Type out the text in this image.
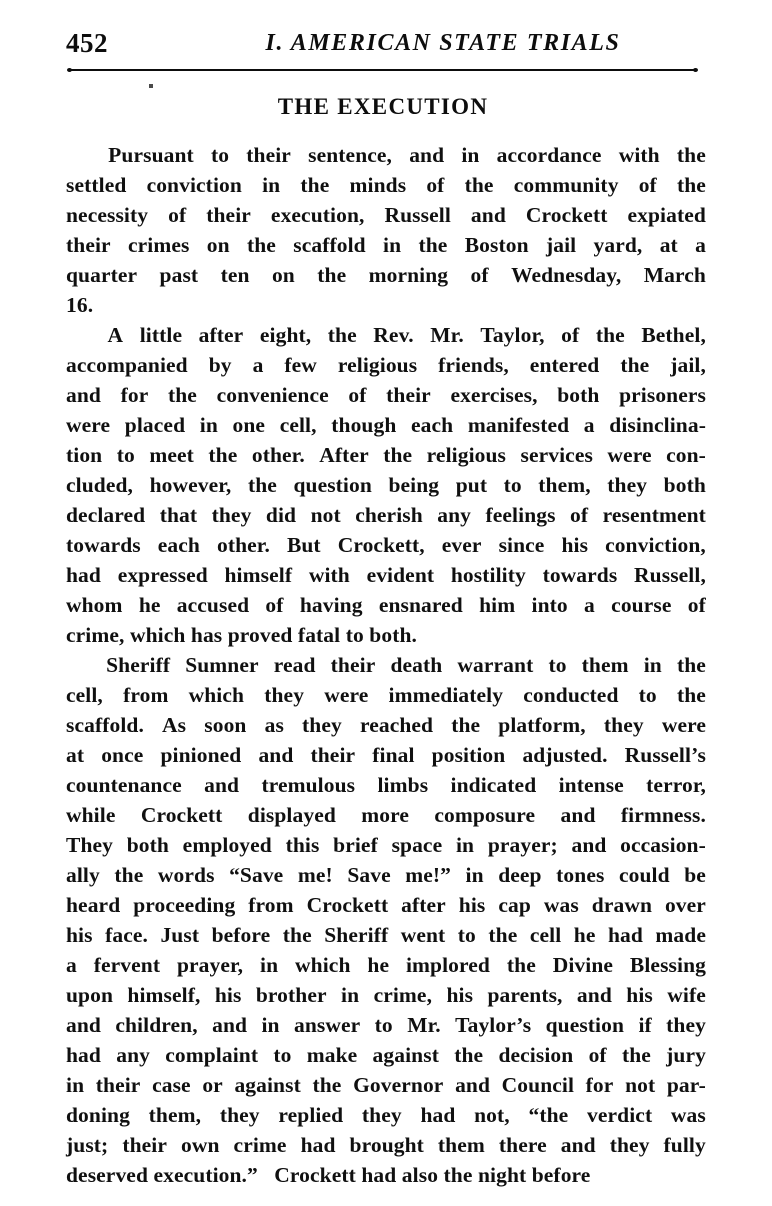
452	I. AMERICAN STATE TRIALS
THE EXECUTION

Pursuant to their sentence, and in accordance with the
settled conviction in the minds of the community of the
necessity of their execution, Russell and Crockett expiated
their crimes on the scaffold in the Boston jail yard, at a
quarter past ten on the morning of Wednesday, March
16.

A little after eight, the Rev. Mr. Taylor, of the Bethel,
accompanied by a few religious friends, entered the jail,
and for the convenience of their exercises, both prisoners
were placed in one cell, though each manifested a disinclina-
tion to meet the other. After the religious services were con-
cluded, however, the question being put to them, they both
declared that they did not cherish any feelings of resentment
towards each other. But Crockett, ever since his conviction,
had expressed himself with evident hostility towards Russell,
whom he accused of having ensnared him into a course of
crime, which has proved fatal to both.

Sheriff Sumner read their death warrant to them in the
cell, from which they were immediately conducted to the
scaffold. As soon as they reached the platform, they were
at once pinioned and their final position adjusted. Russell’s
countenance and tremulous limbs indicated intense terror,
while Crockett displayed more composure and firmness.
They both employed this brief space in prayer; and occasion-
ally the words “Save me! Save me!” in deep tones could be
heard proceeding from Crockett after his cap was drawn over
his face. Just before the Sheriff went to the cell he had made
a fervent prayer, in which he implored the Divine Blessing
upon himself, his brother in crime, his parents, and his wife
and children, and in answer to Mr. Taylor’s question if they
had any complaint to make against the decision of the jury
in their case or against the Governor and Council for not par-
doning them, they replied they had not, “the verdict was
just; their own crime had brought them there and they fully
deserved execution.”   Crockett had also the night before
